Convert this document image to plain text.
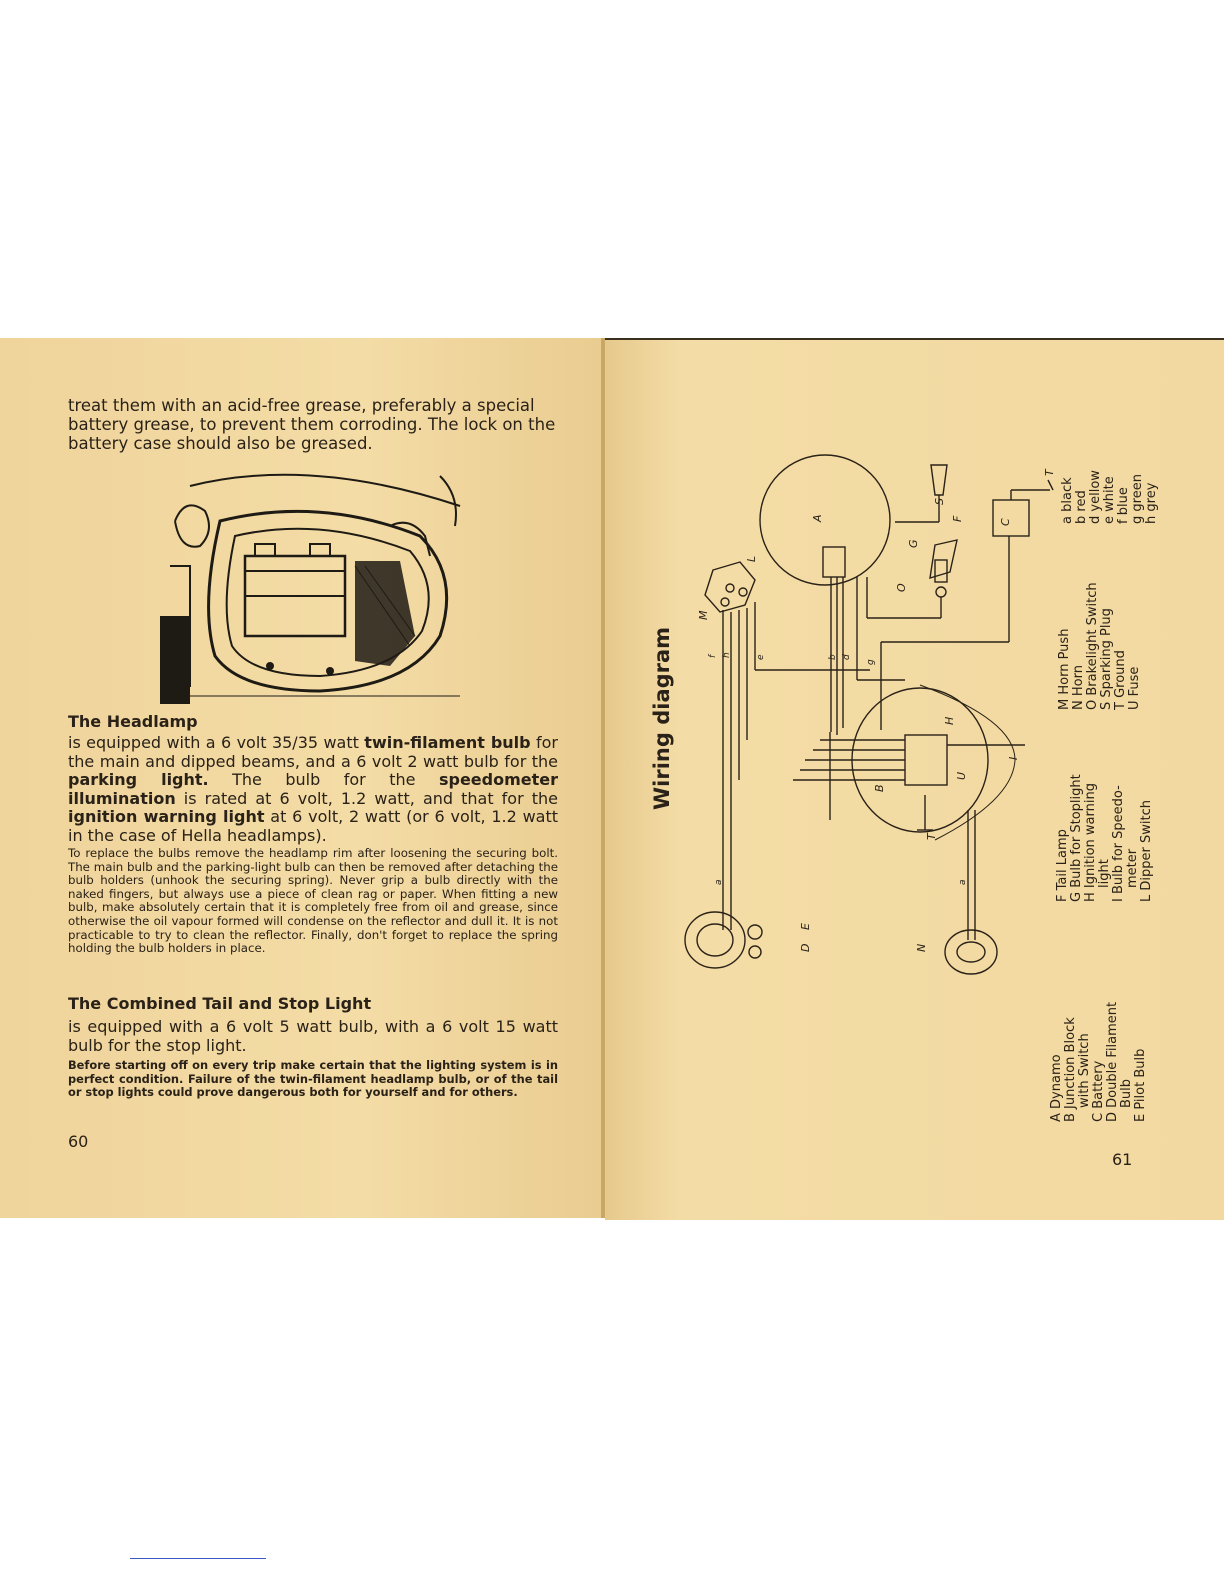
treat them with an acid-free grease, preferably a special battery grease, to prevent them corroding. The lock on the battery case should also be greased.

The Headlamp

is equipped with a 6 volt 35/35 watt twin-filament bulb for the main and dipped beams, and a 6 volt 2 watt bulb for the parking light. The bulb for the speedometer illumination is rated at 6 volt, 1.2 watt, and that for the ignition warning light at 6 volt, 2 watt (or 6 volt, 1.2 watt in the case of Hella headlamps).

To replace the bulbs remove the headlamp rim after loosening the securing bolt. The main bulb and the parking-light bulb can then be removed after detaching the bulb holders (unhook the securing spring). Never grip a bulb directly with the naked fingers, but always use a piece of clean rag or paper. When fitting a new bulb, make absolutely certain that it is completely free from oil and grease, since otherwise the oil vapour formed will condense on the reflector and dull it. It is not practicable to try to clean the reflector. Finally, don't forget to replace the spring holding the bulb holders in place.

The Combined Tail and Stop Light

is equipped with a 6 volt 5 watt bulb, with a 6 volt 15 watt bulb for the stop light.

Before starting off on every trip make certain that the lighting system is in perfect condition. Failure of the twin-filament headlamp bulb, or of the tail or stop lights could prove dangerous both for yourself and for others.

60
Wiring diagram
A
C
S
F
G
O
T
M
L
B
H
U
I
T
N
D
E
a
b d
e
f
g
h
a
A Dynamo
B Junction Block with Switch
C Battery
D Double Filament Bulb
E Pilot Bulb
F Tail Lamp
G Bulb for Stoplight
H Ignition warning light
I Bulb for Speedo- meter
L Dipper Switch
M Horn Push
N Horn
O Brakelight Switch
S Sparking Plug
T Ground
U Fuse
a black
b red
d yellow
e white
f blue
g green
h grey
61
